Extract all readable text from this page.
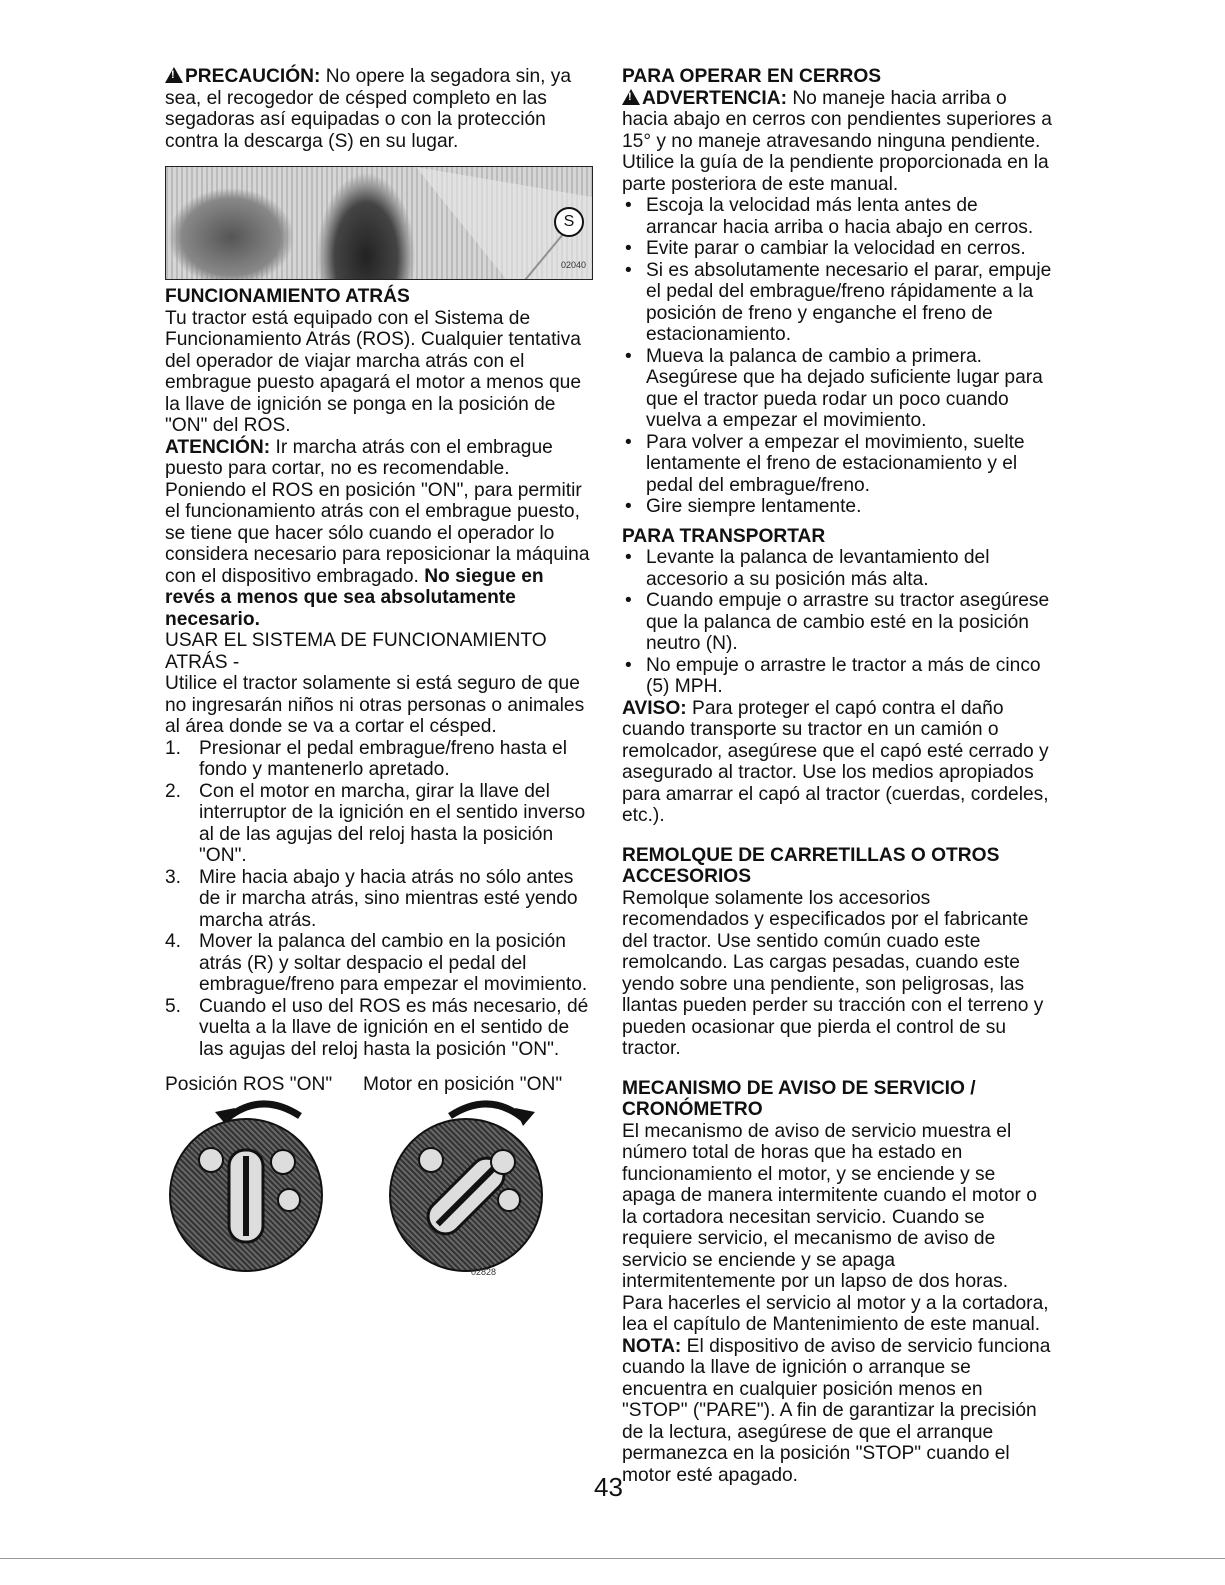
!PRECAUCIÓN: No opere la segadora sin, ya sea, el recogedor de césped completo en las segadoras así equipadas o con la protección contra la descarga (S) en su lugar.

S
02040

FUNCIONAMIENTO ATRÁS

Tu tractor está equipado con el Sistema de Funcionamiento Atrás (ROS). Cualquier tentativa del operador de viajar marcha atrás con el embrague puesto apagará el motor a menos que la llave de ignición se ponga en la posición de "ON" del ROS.

ATENCIÓN: Ir marcha atrás con el embrague puesto para cortar, no es recomendable. Poniendo el ROS en posición "ON", para permitir el funcionamiento atrás con el embrague puesto, se tiene que hacer sólo cuando el operador lo considera necesario para reposicionar la máquina con el dispositivo embragado. No siegue en revés a menos que sea absolutamente necesario.

USAR EL SISTEMA DE FUNCIONAMIENTO ATRÁS -

Utilice el tractor solamente si está seguro de que no ingresarán niños ni otras personas o animales al área donde se va a cortar el césped.

1. Presionar el pedal embrague/freno hasta el fondo y mantenerlo apretado.
2. Con el motor en marcha, girar la llave del interruptor de la ignición en el sentido inverso al de las agujas del reloj hasta la posición "ON".
3. Mire hacia abajo y hacia atrás no sólo antes de ir marcha atrás, sino mientras esté yendo marcha atrás.
4. Mover la palanca del cambio en la posición atrás (R) y soltar despacio el pedal del embrague/freno para empezar el movimiento.
5. Cuando el uso del ROS es más necesario, dé vuelta a la llave de ignición en el sentido de las agujas del reloj hasta la posición "ON".
Posición ROS "ON" Motor en posición "ON"
02828

PARA OPERAR EN CERROS

!ADVERTENCIA: No maneje hacia arriba o hacia abajo en cerros con pendientes superiores a 15° y no maneje atravesando ninguna pendiente. Utilice la guía de la pendiente proporcionada en la parte posteriora de este manual.

• Escoja la velocidad más lenta antes de arrancar hacia arriba o hacia abajo en cerros.
• Evite parar o cambiar la velocidad en cerros.
• Si es absolutamente necesario el parar, empuje el pedal del embrague/freno rápidamente a la posición de freno y enganche el freno de estacionamiento.
• Mueva la palanca de cambio a primera. Asegúrese que ha dejado suficiente lugar para que el tractor pueda rodar un poco cuando vuelva a empezar el movimiento.
• Para volver a empezar el movimiento, suelte lentamente el freno de estacionamiento y el pedal del embrague/freno.
• Gire siempre lentamente.

PARA TRANSPORTAR

• Levante la palanca de levantamiento del accesorio a su posición más alta.
• Cuando empuje o arrastre su tractor asegúrese que la palanca de cambio esté en la posición neutro (N).
• No empuje o arrastre le tractor a más de cinco (5) MPH.

AVISO: Para proteger el capó contra el daño cuando transporte su tractor en un camión o remolcador, asegúrese que el capó esté cerrado y asegurado al tractor. Use los medios apropiados para amarrar el capó al tractor (cuerdas, cordeles, etc.).

REMOLQUE DE CARRETILLAS O OTROS ACCESORIOS

Remolque solamente los accesorios recomendados y especificados por el fabricante del tractor. Use sentido común cuado este remolcando. Las cargas pesadas, cuando este yendo sobre una pendiente, son peligrosas, las llantas pueden perder su tracción con el terreno y pueden ocasionar que pierda el control de su tractor.

MECANISMO DE AVISO DE SERVICIO / CRONÓMETRO

El mecanismo de aviso de servicio muestra el número total de horas que ha estado en funcionamiento el motor, y se enciende y se apaga de manera intermitente cuando el motor o la cortadora necesitan servicio. Cuando se requiere servicio, el mecanismo de aviso de servicio se enciende y se apaga intermitentemente por un lapso de dos horas. Para hacerles el servicio al motor y a la cortadora, lea el capítulo de Mantenimiento de este manual.

NOTA: El dispositivo de aviso de servicio funciona cuando la llave de ignición o arranque se encuentra en cualquier posición menos en "STOP" ("PARE"). A fin de garantizar la precisión de la lectura, asegúrese de que el arranque permanezca en la posición "STOP" cuando el motor esté apagado.

43
